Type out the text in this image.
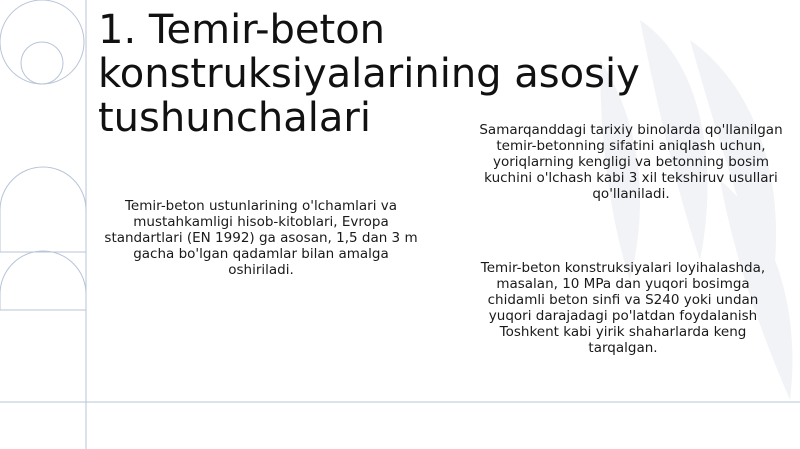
1. Temir-beton konstruksiyalarining asosiy tushunchalari

Temir-beton ustunlarining o'lchamlari va
mustahkamligi hisob-kitoblari, Evropa
standartlari (EN 1992) ga asosan, 1,5 dan 3 m
gacha bo'lgan qadamlar bilan amalga
oshiriladi.

Samarqanddagi tarixiy binolarda qo'llanilgan
temir-betonning sifatini aniqlash uchun,
yoriqlarning kengligi va betonning bosim
kuchini o'lchash kabi 3 xil tekshiruv usullari
qo'llaniladi.

Temir-beton konstruksiyalari loyihalashda,
masalan, 10 MPa dan yuqori bosimga
chidamli beton sinfi va S240 yoki undan
yuqori darajadagi po'latdan foydalanish
Toshkent kabi yirik shaharlarda keng
tarqalgan.
